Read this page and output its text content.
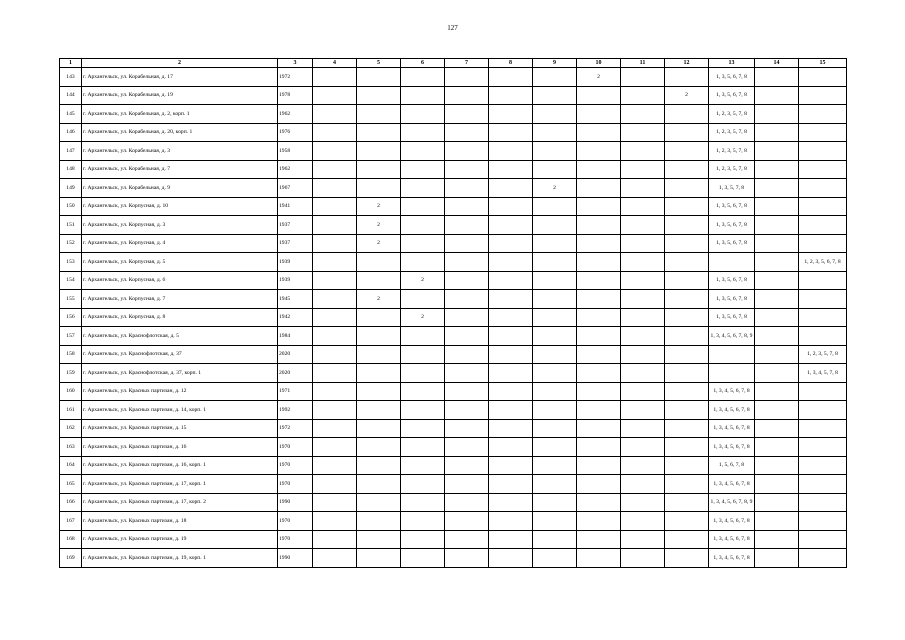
127
1	2	3	4	5	6	7	8	9	10	11	12	13	14	15
143	г. Архангельск, ул. Корабельная, д. 17	1972							2			1, 3, 5, 6, 7, 8		
144	г. Архангельск, ул. Корабельная, д. 19	1978									2	1, 3, 5, 6, 7, 8		
145	г. Архангельск, ул. Корабельная, д. 2, корп. 1	1962										1, 2, 3, 5, 7, 8		
146	г. Архангельск, ул. Корабельная, д. 20, корп. 1	1976										1, 2, 3, 5, 7, 8		
147	г. Архангельск, ул. Корабельная, д. 3	1958										1, 2, 3, 5, 7, 8		
148	г. Архангельск, ул. Корабельная, д. 7	1962										1, 2, 3, 5, 7, 8		
149	г. Архангельск, ул. Корабельная, д. 9	1967						2				1, 3, 5, 7, 8		
150	г. Архангельск, ул. Корпусная, д. 10	1941		2								1, 3, 5, 6, 7, 8		
151	г. Архангельск, ул. Корпусная, д. 3	1937		2								1, 3, 5, 6, 7, 8		
152	г. Архангельск, ул. Корпусная, д. 4	1937		2								1, 3, 5, 6, 7, 8		
153	г. Архангельск, ул. Корпусная, д. 5	1939												1, 2, 3, 5, 6, 7, 8
154	г. Архангельск, ул. Корпусная, д. 6	1939			2							1, 3, 5, 6, 7, 8		
155	г. Архангельск, ул. Корпусная, д. 7	1945		2								1, 3, 5, 6, 7, 8		
156	г. Архангельск, ул. Корпусная, д. 8	1942			2							1, 3, 5, 6, 7, 8		
157	г. Архангельск, ул. Краснофлотская, д. 5	1984										1, 3, 4, 5, 6, 7, 8, 9		
158	г. Архангельск, ул. Краснофлотская, д. 37	2020												1, 2, 3, 5, 7, 8
159	г. Архангельск, ул. Краснофлотская, д. 37, корп. 1	2020												1, 3, 4, 5, 7, 8
160	г. Архангельск, ул. Красных партизан, д. 12	1971										1, 3, 4, 5, 6, 7, 8		
161	г. Архангельск, ул. Красных партизан, д. 14, корп. 1	1992										1, 3, 4, 5, 6, 7, 8		
162	г. Архангельск, ул. Красных партизан, д. 15	1972										1, 3, 4, 5, 6, 7, 8		
163	г. Архангельск, ул. Красных партизан, д. 16	1970										1, 3, 4, 5, 6, 7, 8		
164	г. Архангельск, ул. Красных партизан, д. 16, корп. 1	1970										1, 5, 6, 7, 8		
165	г. Архангельск, ул. Красных партизан, д. 17, корп. 1	1970										1, 3, 4, 5, 6, 7, 8		
166	г. Архангельск, ул. Красных партизан, д. 17, корп. 2	1990										1, 3, 4, 5, 6, 7, 8, 9		
167	г. Архангельск, ул. Красных партизан, д. 18	1970										1, 3, 4, 5, 6, 7, 8		
168	г. Архангельск, ул. Красных партизан, д. 19	1970										1, 3, 4, 5, 6, 7, 8		
169	г. Архангельск, ул. Красных партизан, д. 19, корп. 1	1990										1, 3, 4, 5, 6, 7, 8		
